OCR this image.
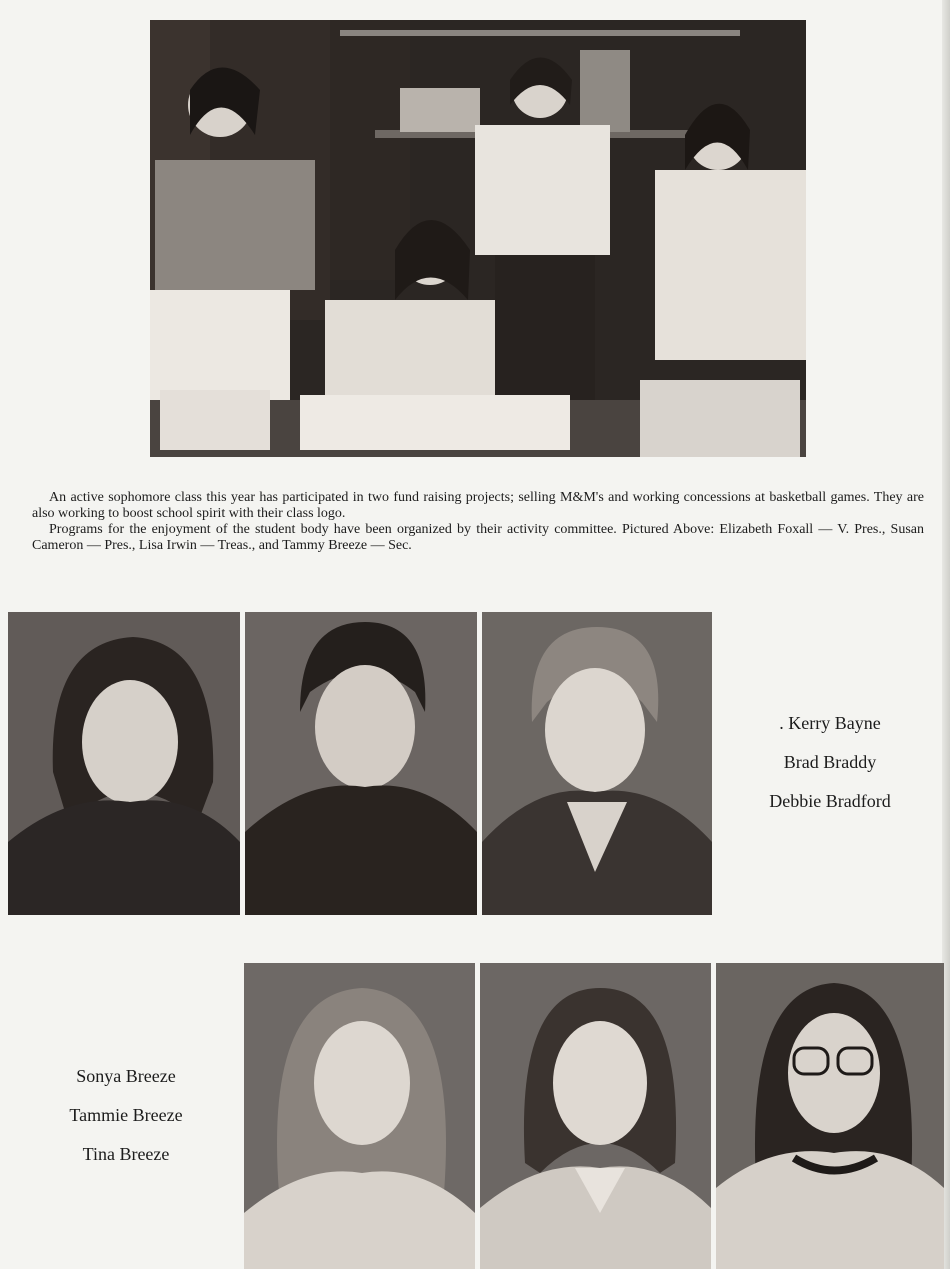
An active sophomore class this year has participated in two fund raising projects; selling M&M's and working concessions at basketball games. They are also working to boost school spirit with their class logo.

Programs for the enjoyment of the student body have been organized by their activity committee. Pictured Above: Elizabeth Foxall — V. Pres., Susan Cameron — Pres., Lisa Irwin — Treas., and Tammy Breeze — Sec.

. Kerry Bayne
Brad Braddy
Debbie Bradford
Sonya Breeze
Tammie Breeze
Tina Breeze
